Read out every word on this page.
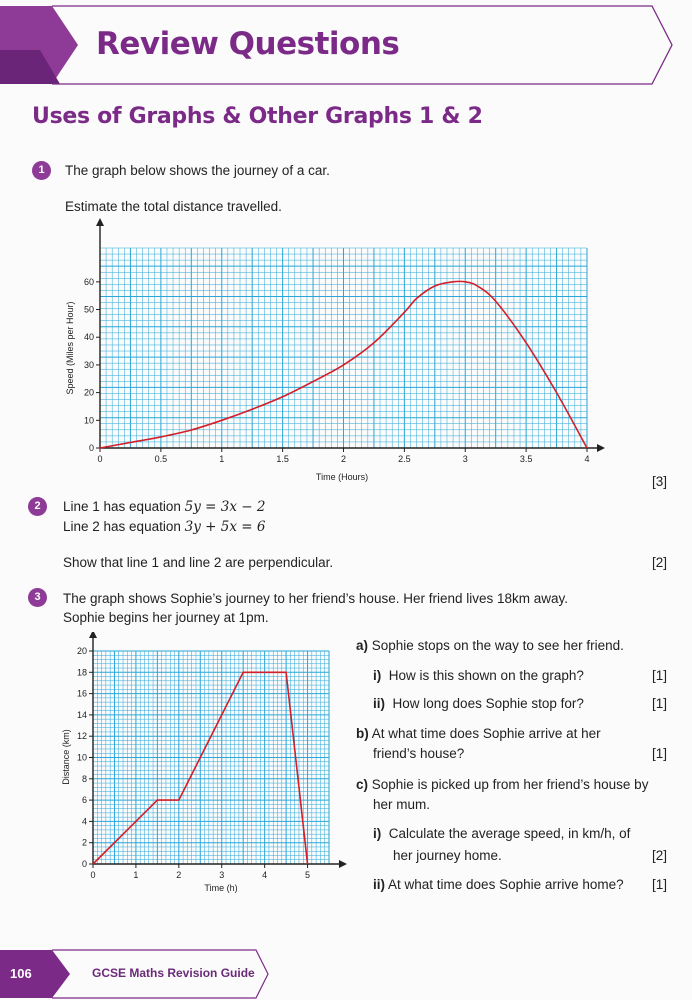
Review Questions
Uses of Graphs & Other Graphs 1 & 2
1	The graph below shows the journey of a car.
Estimate the total distance travelled.
0	0.5	1	1.5	2	2.5	3	3.5	4
0
10
20
30
40
50
60
Time (Hours)
Speed (Miles per Hour)
[3]
2	Line 1 has equation 5y = 3x − 2
Line 2 has equation 3y + 5x = 6
Show that line 1 and line 2 are perpendicular.	[2]
3	The graph shows Sophie’s journey to her friend’s house. Her friend lives 18km away.
Sophie begins her journey at 1pm.
0	1	2	3	4	5
0
2
4
6
8
10
12
14
16
18
20
Time (h)
Distance (km)
a) Sophie stops on the way to see her friend.
i) How is this shown on the graph?	[1]
ii) How long does Sophie stop for?	[1]
b) At what time does Sophie arrive at her
friend’s house?	[1]
c) Sophie is picked up from her friend’s house by
her mum.
i) Calculate the average speed, in km/h, of
her journey home.	[2]
ii) At what time does Sophie arrive home? [1]
106	GCSE Maths Revision Guide
